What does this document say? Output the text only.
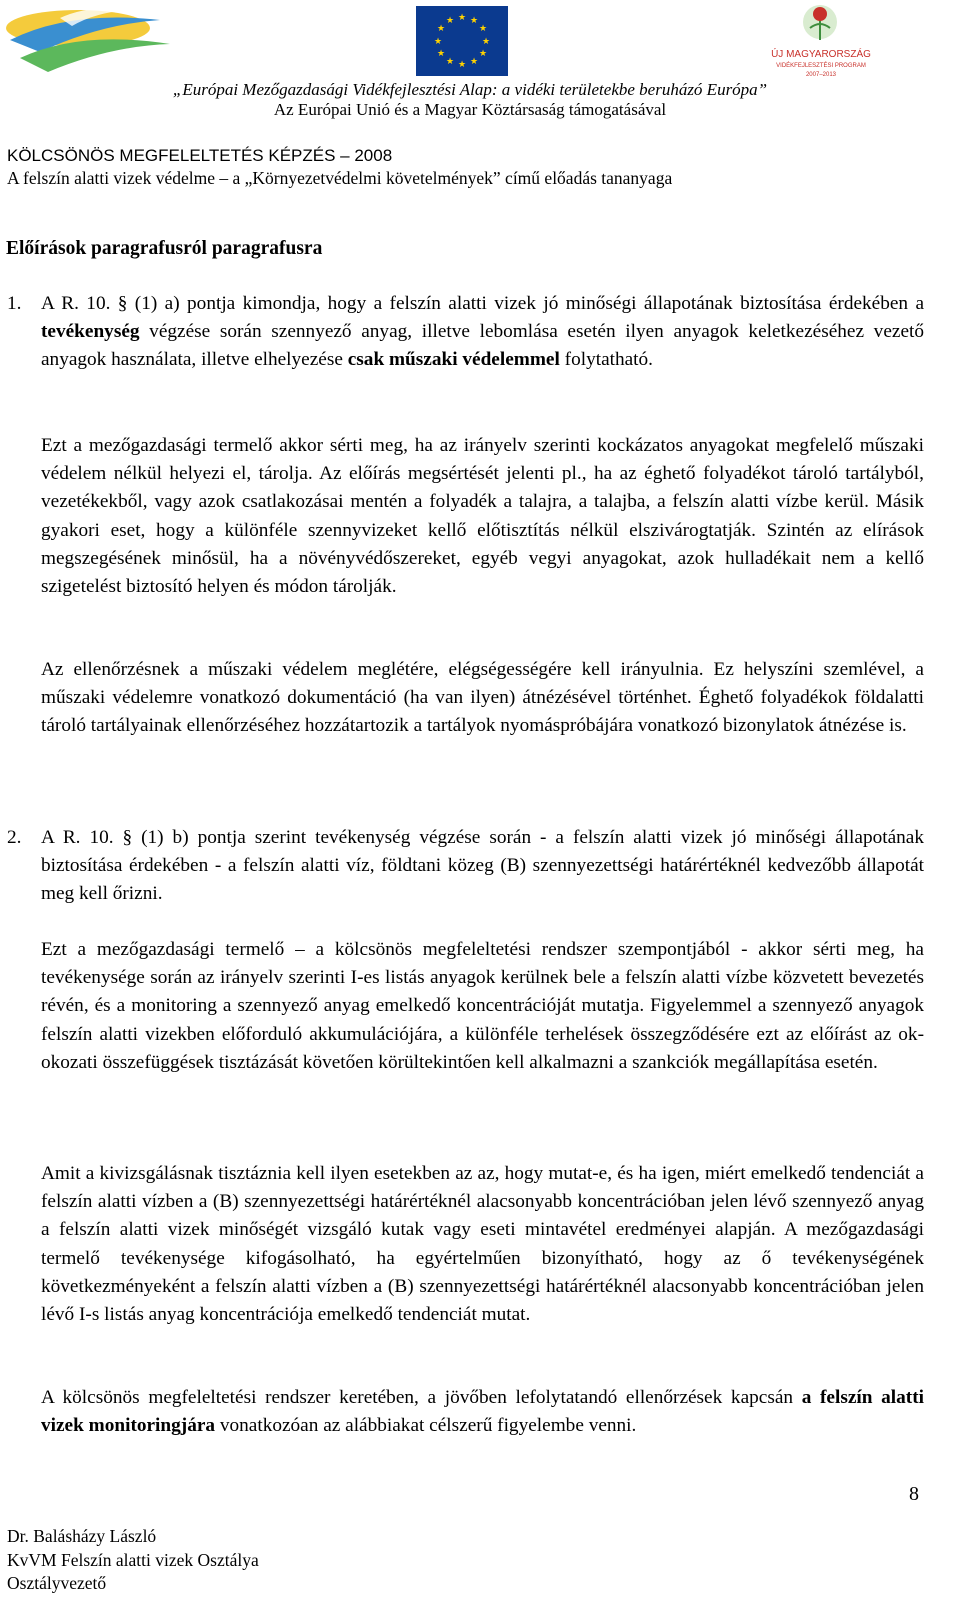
★ ★
★
★
★
★
★
★
★
★
★
★
ÚJ MAGYARORSZÁG
VIDÉKFEJLESZTÉSI PROGRAM
2007–2013
„Európai Mezőgazdasági Vidékfejlesztési Alap: a vidéki területekbe beruházó Európa”
Az Európai Unió és a Magyar Köztársaság támogatásával
KÖLCSÖNÖS MEGFELELTETÉS KÉPZÉS – 2008
A felszín alatti vizek védelme – a „Környezetvédelmi követelmények” című előadás tananyaga
Előírások paragrafusról paragrafusra
1. A R. 10. § (1) a) pontja kimondja, hogy a felszín alatti vizek jó minőségi állapotának biztosítása érdekében a tevékenység végzése során szennyező anyag, illetve lebomlása esetén ilyen anyagok keletkezéséhez vezető anyagok használata, illetve elhelyezése csak műszaki védelemmel folytatható.
Ezt a mezőgazdasági termelő akkor sérti meg, ha az irányelv szerinti kockázatos anyagokat megfelelő műszaki védelem nélkül helyezi el, tárolja. Az előírás megsértését jelenti pl., ha az éghető folyadékot tároló tartályból, vezetékekből, vagy azok csatlakozásai mentén a folyadék a talajra, a talajba, a felszín alatti vízbe kerül. Másik gyakori eset, hogy a különféle szennyvizeket kellő előtisztítás nélkül elszivárogtatják. Szintén az elírások megszegésének minősül, ha a növényvédőszereket, egyéb vegyi anyagokat, azok hulladékait nem a kellő szigetelést biztosító helyen és módon tárolják.
Az ellenőrzésnek a műszaki védelem meglétére, elégségességére kell irányulnia. Ez helyszíni szemlével, a műszaki védelemre vonatkozó dokumentáció (ha van ilyen) átnézésével történhet. Éghető folyadékok földalatti tároló tartályainak ellenőrzéséhez hozzátartozik a tartályok nyomáspróbájára vonatkozó bizonylatok átnézése is.
2. A R. 10. § (1) b) pontja szerint tevékenység végzése során - a felszín alatti vizek jó minőségi állapotának biztosítása érdekében - a felszín alatti víz, földtani közeg (B) szennyezettségi határértéknél kedvezőbb állapotát meg kell őrizni.
Ezt a mezőgazdasági termelő – a kölcsönös megfeleltetési rendszer szempontjából - akkor sérti meg, ha tevékenysége során az irányelv szerinti I-es listás anyagok kerülnek bele a felszín alatti vízbe közvetett bevezetés révén, és a monitoring a szennyező anyag emelkedő koncentrációját mutatja. Figyelemmel a szennyező anyagok felszín alatti vizekben előforduló akkumulációjára, a különféle terhelések összegződésére ezt az előírást az ok-okozati összefüggések tisztázását követően körültekintően kell alkalmazni a szankciók megállapítása esetén.
Amit a kivizsgálásnak tisztáznia kell ilyen esetekben az az, hogy mutat-e, és ha igen, miért emelkedő tendenciát a felszín alatti vízben a (B) szennyezettségi határértéknél alacsonyabb koncentrációban jelen lévő szennyező anyag a felszín alatti vizek minőségét vizsgáló kutak vagy eseti mintavétel eredményei alapján. A mezőgazdasági termelő tevékenysége kifogásolható, ha egyértelműen bizonyítható, hogy az ő tevékenységének következményeként a felszín alatti vízben a (B) szennyezettségi határértéknél alacsonyabb koncentrációban jelen lévő I-s listás anyag koncentrációja emelkedő tendenciát mutat.
A kölcsönös megfeleltetési rendszer keretében, a jövőben lefolytatandó ellenőrzések kapcsán a felszín alatti vizek monitoringjára vonatkozóan az alábbiakat célszerű figyelembe venni.
8
Dr. Balásházy László
KvVM Felszín alatti vizek Osztálya
Osztályvezető
